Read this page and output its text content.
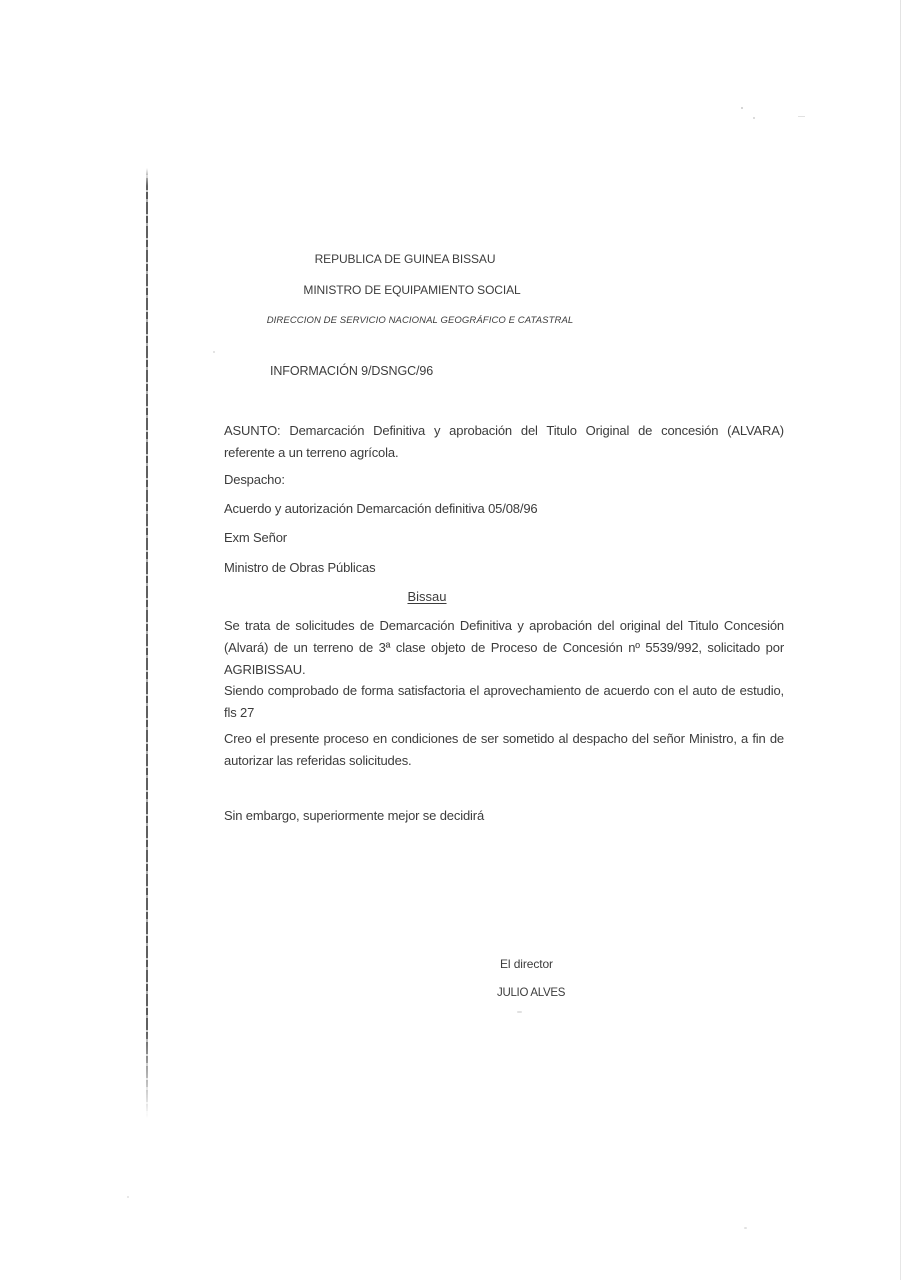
REPUBLICA DE GUINEA BISSAU
MINISTRO DE EQUIPAMIENTO SOCIAL
DIRECCION DE SERVICIO NACIONAL GEOGRÁFICO E CATASTRAL
INFORMACIÓN 9/DSNGC/96
ASUNTO: Demarcación Definitiva y aprobación del Titulo Original de concesión (ALVARA) referente a un terreno agrícola.
Despacho:
Acuerdo y autorización Demarcación definitiva 05/08/96
Exm Señor
Ministro de Obras Públicas
Bissau
Se trata de solicitudes de Demarcación Definitiva y aprobación del original del Titulo Concesión (Alvará) de un terreno de 3ª clase objeto de Proceso de Concesión nº 5539/992, solicitado por AGRIBISSAU.
Siendo comprobado de forma satisfactoria el aprovechamiento de acuerdo con el auto de estudio, fls 27
Creo el presente proceso en condiciones de ser sometido al despacho del señor Ministro, a fin de autorizar las referidas solicitudes.
Sin embargo, superiormente mejor se decidirá
El director
JULIO ALVES
